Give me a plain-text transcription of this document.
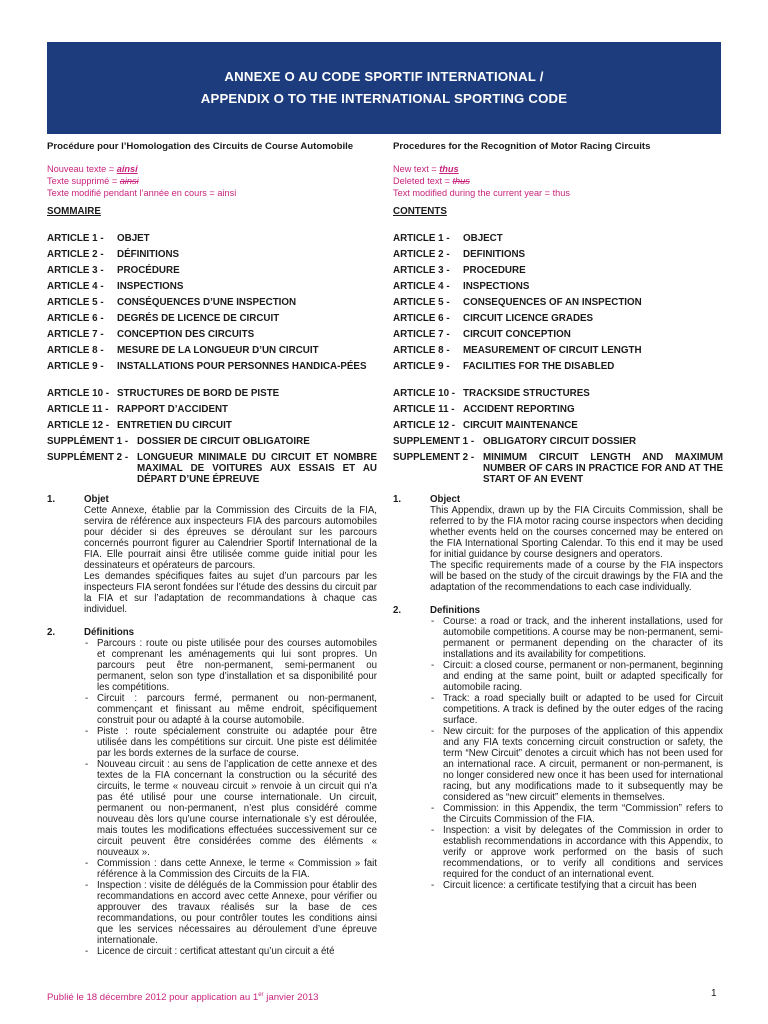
ANNEXE O AU CODE SPORTIF INTERNATIONAL /
APPENDIX O TO THE INTERNATIONAL SPORTING CODE
Procédure pour l’Homologation des Circuits de Course Automobile
Nouveau texte = ainsi
Texte supprimé = ainsi
Texte modifié pendant l’année en cours = ainsi
SOMMAIRE
ARTICLE 1 -	OBJET
ARTICLE 2 -	DÉFINITIONS
ARTICLE 3 -	PROCÉDURE
ARTICLE 4 -	INSPECTIONS
ARTICLE 5 -	CONSÉQUENCES D’UNE INSPECTION
ARTICLE 6 -	DEGRÉS DE LICENCE DE CIRCUIT
ARTICLE 7 -	CONCEPTION DES CIRCUITS
ARTICLE 8 -	MESURE DE LA LONGUEUR D’UN CIRCUIT
ARTICLE 9 -	INSTALLATIONS POUR PERSONNES HANDICA-PÉES
ARTICLE 10 - STRUCTURES DE BORD DE PISTE
ARTICLE 11 - RAPPORT D’ACCIDENT
ARTICLE 12 - ENTRETIEN DU CIRCUIT
SUPPLÉMENT 1 - DOSSIER DE CIRCUIT OBLIGATOIRE
SUPPLÉMENT 2 - LONGUEUR MINIMALE DU CIRCUIT ET NOMBRE MAXIMAL DE VOITURES AUX ESSAIS ET AU DÉPART D’UNE ÉPREUVE
1.	Objet

Cette Annexe, établie par la Commission des Circuits de la FIA, servira de référence aux inspecteurs FIA des parcours automobiles pour décider si des épreuves se déroulant sur les parcours concernés pourront figurer au Calendrier Sportif International de la FIA. Elle pourrait ainsi être utilisée comme guide initial pour les dessinateurs et opérateurs de parcours.

Les demandes spécifiques faites au sujet d’un parcours par les inspecteurs FIA seront fondées sur l’étude des dessins du circuit par la FIA et sur l’adaptation de recommandations à chaque cas individuel.

2.	Définitions
- Parcours : route ou piste utilisée pour des courses automobiles et comprenant les aménagements qui lui sont propres. Un parcours peut être non-permanent, semi-permanent ou permanent, selon son type d’installation et sa disponibilité pour les compétitions.
- Circuit : parcours fermé, permanent ou non-permanent, commençant et finissant au même endroit, spécifiquement construit pour ou adapté à la course automobile.
- Piste : route spécialement construite ou adaptée pour être utilisée dans les compétitions sur circuit. Une piste est délimitée par les bords externes de la surface de course.
- Nouveau circuit : au sens de l’application de cette annexe et des textes de la FIA concernant la construction ou la sécurité des circuits, le terme « nouveau circuit » renvoie à un circuit qui n’a pas été utilisé pour une course internationale. Un circuit, permanent ou non-permanent, n’est plus considéré comme nouveau dès lors qu’une course internationale s’y est déroulée, mais toutes les modifications effectuées successivement sur ce circuit peuvent être considérées comme des éléments « nouveaux ».
- Commission : dans cette Annexe, le terme « Commission » fait référence à la Commission des Circuits de la FIA.
- Inspection : visite de délégués de la Commission pour établir des recommandations en accord avec cette Annexe, pour vérifier ou approuver des travaux réalisés sur la base de ces recommandations, ou pour contrôler toutes les conditions ainsi que les services nécessaires au déroulement d’une épreuve internationale.
- Licence de circuit : certificat attestant qu’un circuit a été
Procedures for the Recognition of Motor Racing Circuits
New text = thus
Deleted text = thus
Text modified during the current year = thus
CONTENTS
ARTICLE 1 -	OBJECT
ARTICLE 2 -	DEFINITIONS
ARTICLE 3 -	PROCEDURE
ARTICLE 4 -	INSPECTIONS
ARTICLE 5 -	CONSEQUENCES OF AN INSPECTION
ARTICLE 6 -	CIRCUIT LICENCE GRADES
ARTICLE 7 -	CIRCUIT CONCEPTION
ARTICLE 8 -	MEASUREMENT OF CIRCUIT LENGTH
ARTICLE 9 -	FACILITIES FOR THE DISABLED
ARTICLE 10 - TRACKSIDE STRUCTURES
ARTICLE 11 - ACCIDENT REPORTING
ARTICLE 12 - CIRCUIT MAINTENANCE
SUPPLEMENT 1 - OBLIGATORY CIRCUIT DOSSIER
SUPPLEMENT 2 - MINIMUM CIRCUIT LENGTH AND MAXIMUM NUMBER OF CARS IN PRACTICE FOR AND AT THE START OF AN EVENT
1.	Object

This Appendix, drawn up by the FIA Circuits Commission, shall be referred to by the FIA motor racing course inspectors when deciding whether events held on the courses concerned may be entered on the FIA International Sporting Calendar. To this end it may be used for initial guidance by course designers and operators.

The specific requirements made of a course by the FIA inspectors will be based on the study of the circuit drawings by the FIA and the adaptation of the recommendations to each case individually.

2.	Definitions
- Course: a road or track, and the inherent installations, used for automobile competitions. A course may be non-permanent, semi-permanent or permanent depending on the character of its installations and its availability for competitions.
- Circuit: a closed course, permanent or non-permanent, beginning and ending at the same point, built or adapted specifically for automobile racing.
- Track: a road specially built or adapted to be used for Circuit competitions. A track is defined by the outer edges of the racing surface.
- New circuit: for the purposes of the application of this appendix and any FIA texts concerning circuit construction or safety, the term “New Circuit” denotes a circuit which has not been used for an international race. A circuit, permanent or non-permanent, is no longer considered new once it has been used for international racing, but any modifications made to it subsequently may be considered as “new circuit” elements in themselves.
- Commission: in this Appendix, the term “Commission” refers to the Circuits Commission of the FIA.
- Inspection: a visit by delegates of the Commission in order to establish recommendations in accordance with this Appendix, to verify or approve work performed on the basis of such recommendations, or to verify all conditions and services required for the conduct of an international event.
- Circuit licence: a certificate testifying that a circuit has been
Publié le 18 décembre 2012 pour application au 1er janvier 2013	1
